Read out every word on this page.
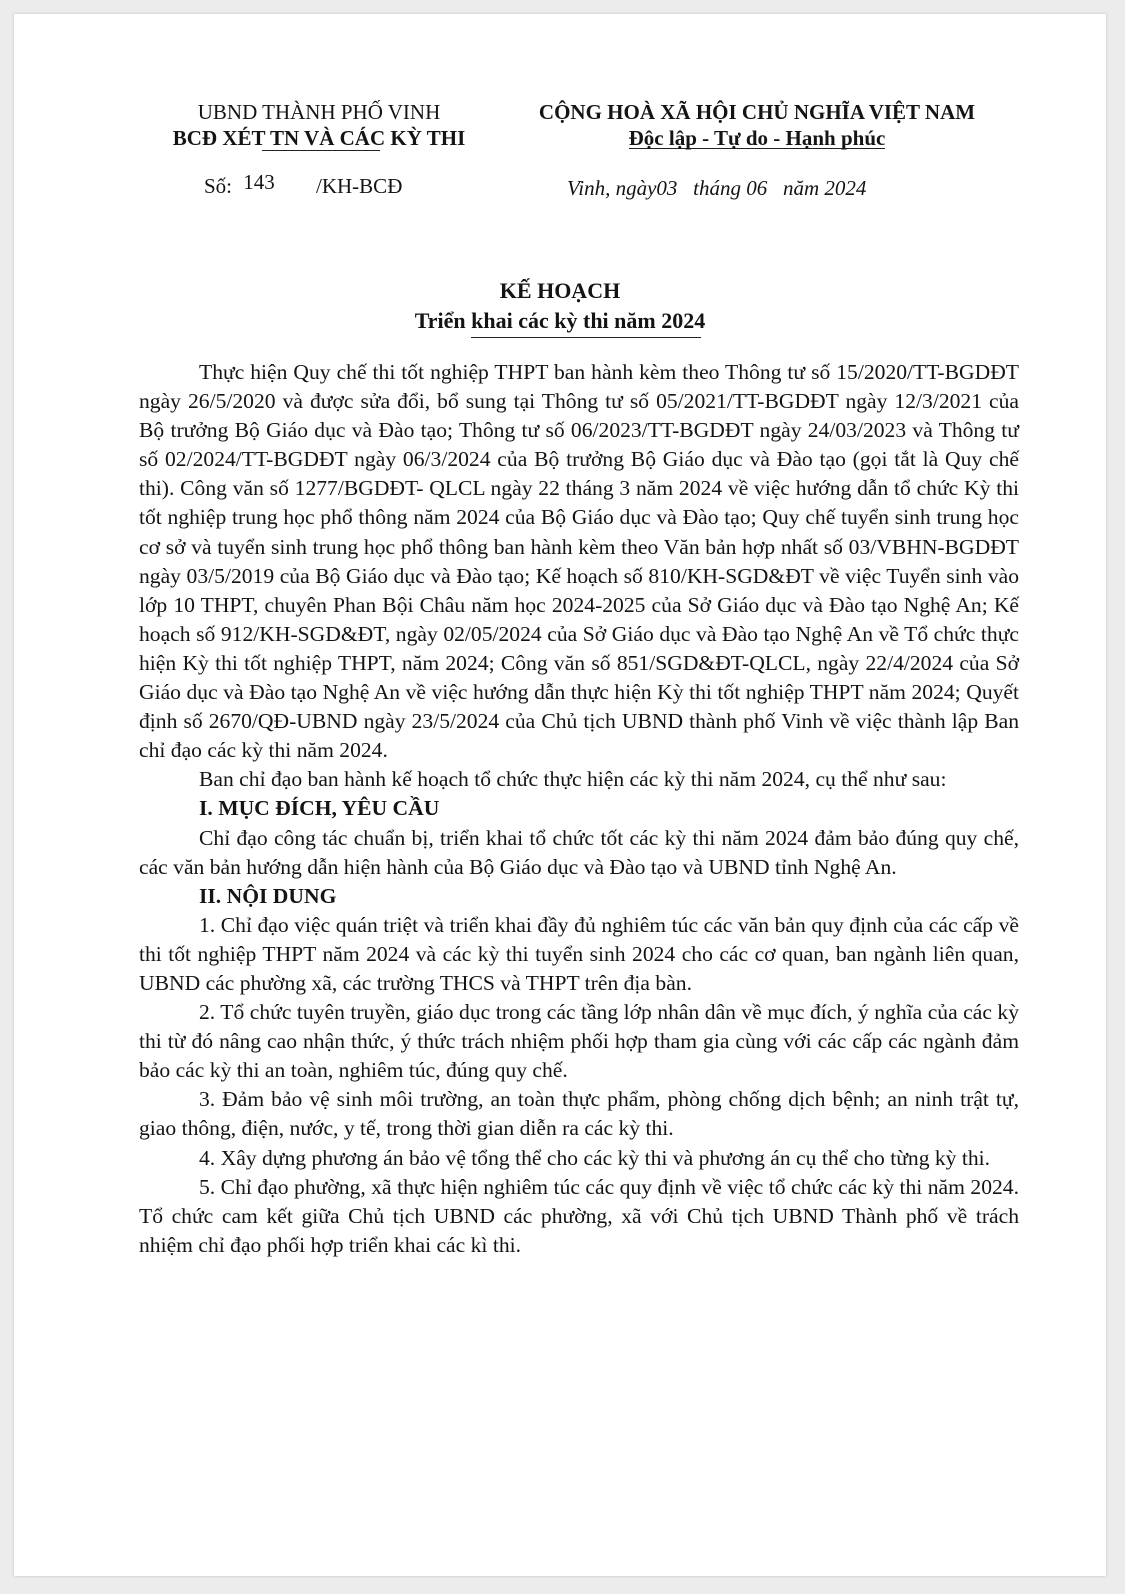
UBND THÀNH PHỐ VINH
BCĐ XÉT TN VÀ CÁC KỲ THI
CỘNG HOÀ XÃ HỘI CHỦ NGHĨA VIỆT NAM
Độc lập - Tự do - Hạnh phúc
Số: 143 /KH-BCĐ	Vinh, ngày03   tháng 06   năm 2024
KẾ HOẠCH
Triển khai các kỳ thi năm 2024

Thực hiện Quy chế thi tốt nghiệp THPT ban hành kèm theo Thông tư số 15/2020/TT-BGDĐT ngày 26/5/2020 và được sửa đổi, bổ sung tại Thông tư số 05/2021/TT-BGDĐT ngày 12/3/2021 của Bộ trưởng Bộ Giáo dục và Đào tạo; Thông tư số 06/2023/TT-BGDĐT ngày 24/03/2023 và Thông tư số 02/2024/TT-BGDĐT ngày 06/3/2024 của Bộ trưởng Bộ Giáo dục và Đào tạo (gọi tắt là Quy chế thi). Công văn số 1277/BGDĐT- QLCL ngày 22 tháng 3 năm 2024 về việc hướng dẫn tổ chức Kỳ thi tốt nghiệp trung học phổ thông năm 2024 của Bộ Giáo dục và Đào tạo; Quy chế tuyển sinh trung học cơ sở và tuyển sinh trung học phổ thông ban hành kèm theo Văn bản hợp nhất số 03/VBHN-BGDĐT ngày 03/5/2019 của Bộ Giáo dục và Đào tạo; Kế hoạch số 810/KH-SGD&ĐT về việc Tuyển sinh vào lớp 10 THPT, chuyên Phan Bội Châu năm học 2024-2025 của Sở Giáo dục và Đào tạo Nghệ An; Kế hoạch số 912/KH-SGD&ĐT, ngày 02/05/2024 của Sở Giáo dục và Đào tạo Nghệ An về Tổ chức thực hiện Kỳ thi tốt nghiệp THPT, năm 2024; Công văn số 851/SGD&ĐT-QLCL, ngày 22/4/2024 của Sở Giáo dục và Đào tạo Nghệ An về việc hướng dẫn thực hiện Kỳ thi tốt nghiệp THPT năm 2024; Quyết định số 2670/QĐ-UBND ngày 23/5/2024 của Chủ tịch UBND thành phố Vinh về việc thành lập Ban chỉ đạo các kỳ thi năm 2024.

Ban chỉ đạo ban hành kế hoạch tổ chức thực hiện các kỳ thi năm 2024, cụ thể như sau:

I. MỤC ĐÍCH, YÊU CẦU

Chỉ đạo công tác chuẩn bị, triển khai tổ chức tốt các kỳ thi năm 2024 đảm bảo đúng quy chế, các văn bản hướng dẫn hiện hành của Bộ Giáo dục và Đào tạo và UBND tỉnh Nghệ An.

II. NỘI DUNG

1. Chỉ đạo việc quán triệt và triển khai đầy đủ nghiêm túc các văn bản quy định của các cấp về thi tốt nghiệp THPT năm 2024 và các kỳ thi tuyển sinh 2024 cho các cơ quan, ban ngành liên quan, UBND các phường xã, các trường THCS và THPT trên địa bàn.

2. Tổ chức tuyên truyền, giáo dục trong các tầng lớp nhân dân về mục đích, ý nghĩa của các kỳ thi từ đó nâng cao nhận thức, ý thức trách nhiệm phối hợp tham gia cùng với các cấp các ngành đảm bảo các kỳ thi an toàn, nghiêm túc, đúng quy chế.

3. Đảm bảo vệ sinh môi trường, an toàn thực phẩm, phòng chống dịch bệnh; an ninh trật tự, giao thông, điện, nước, y tế, trong thời gian diễn ra các kỳ thi.

4. Xây dựng phương án bảo vệ tổng thể cho các kỳ thi và phương án cụ thể cho từng kỳ thi.

5. Chỉ đạo phường, xã thực hiện nghiêm túc các quy định về việc tổ chức các kỳ thi năm 2024. Tổ chức cam kết giữa Chủ tịch UBND các phường, xã với Chủ tịch UBND Thành phố về trách nhiệm chỉ đạo phối hợp triển khai các kì thi.
